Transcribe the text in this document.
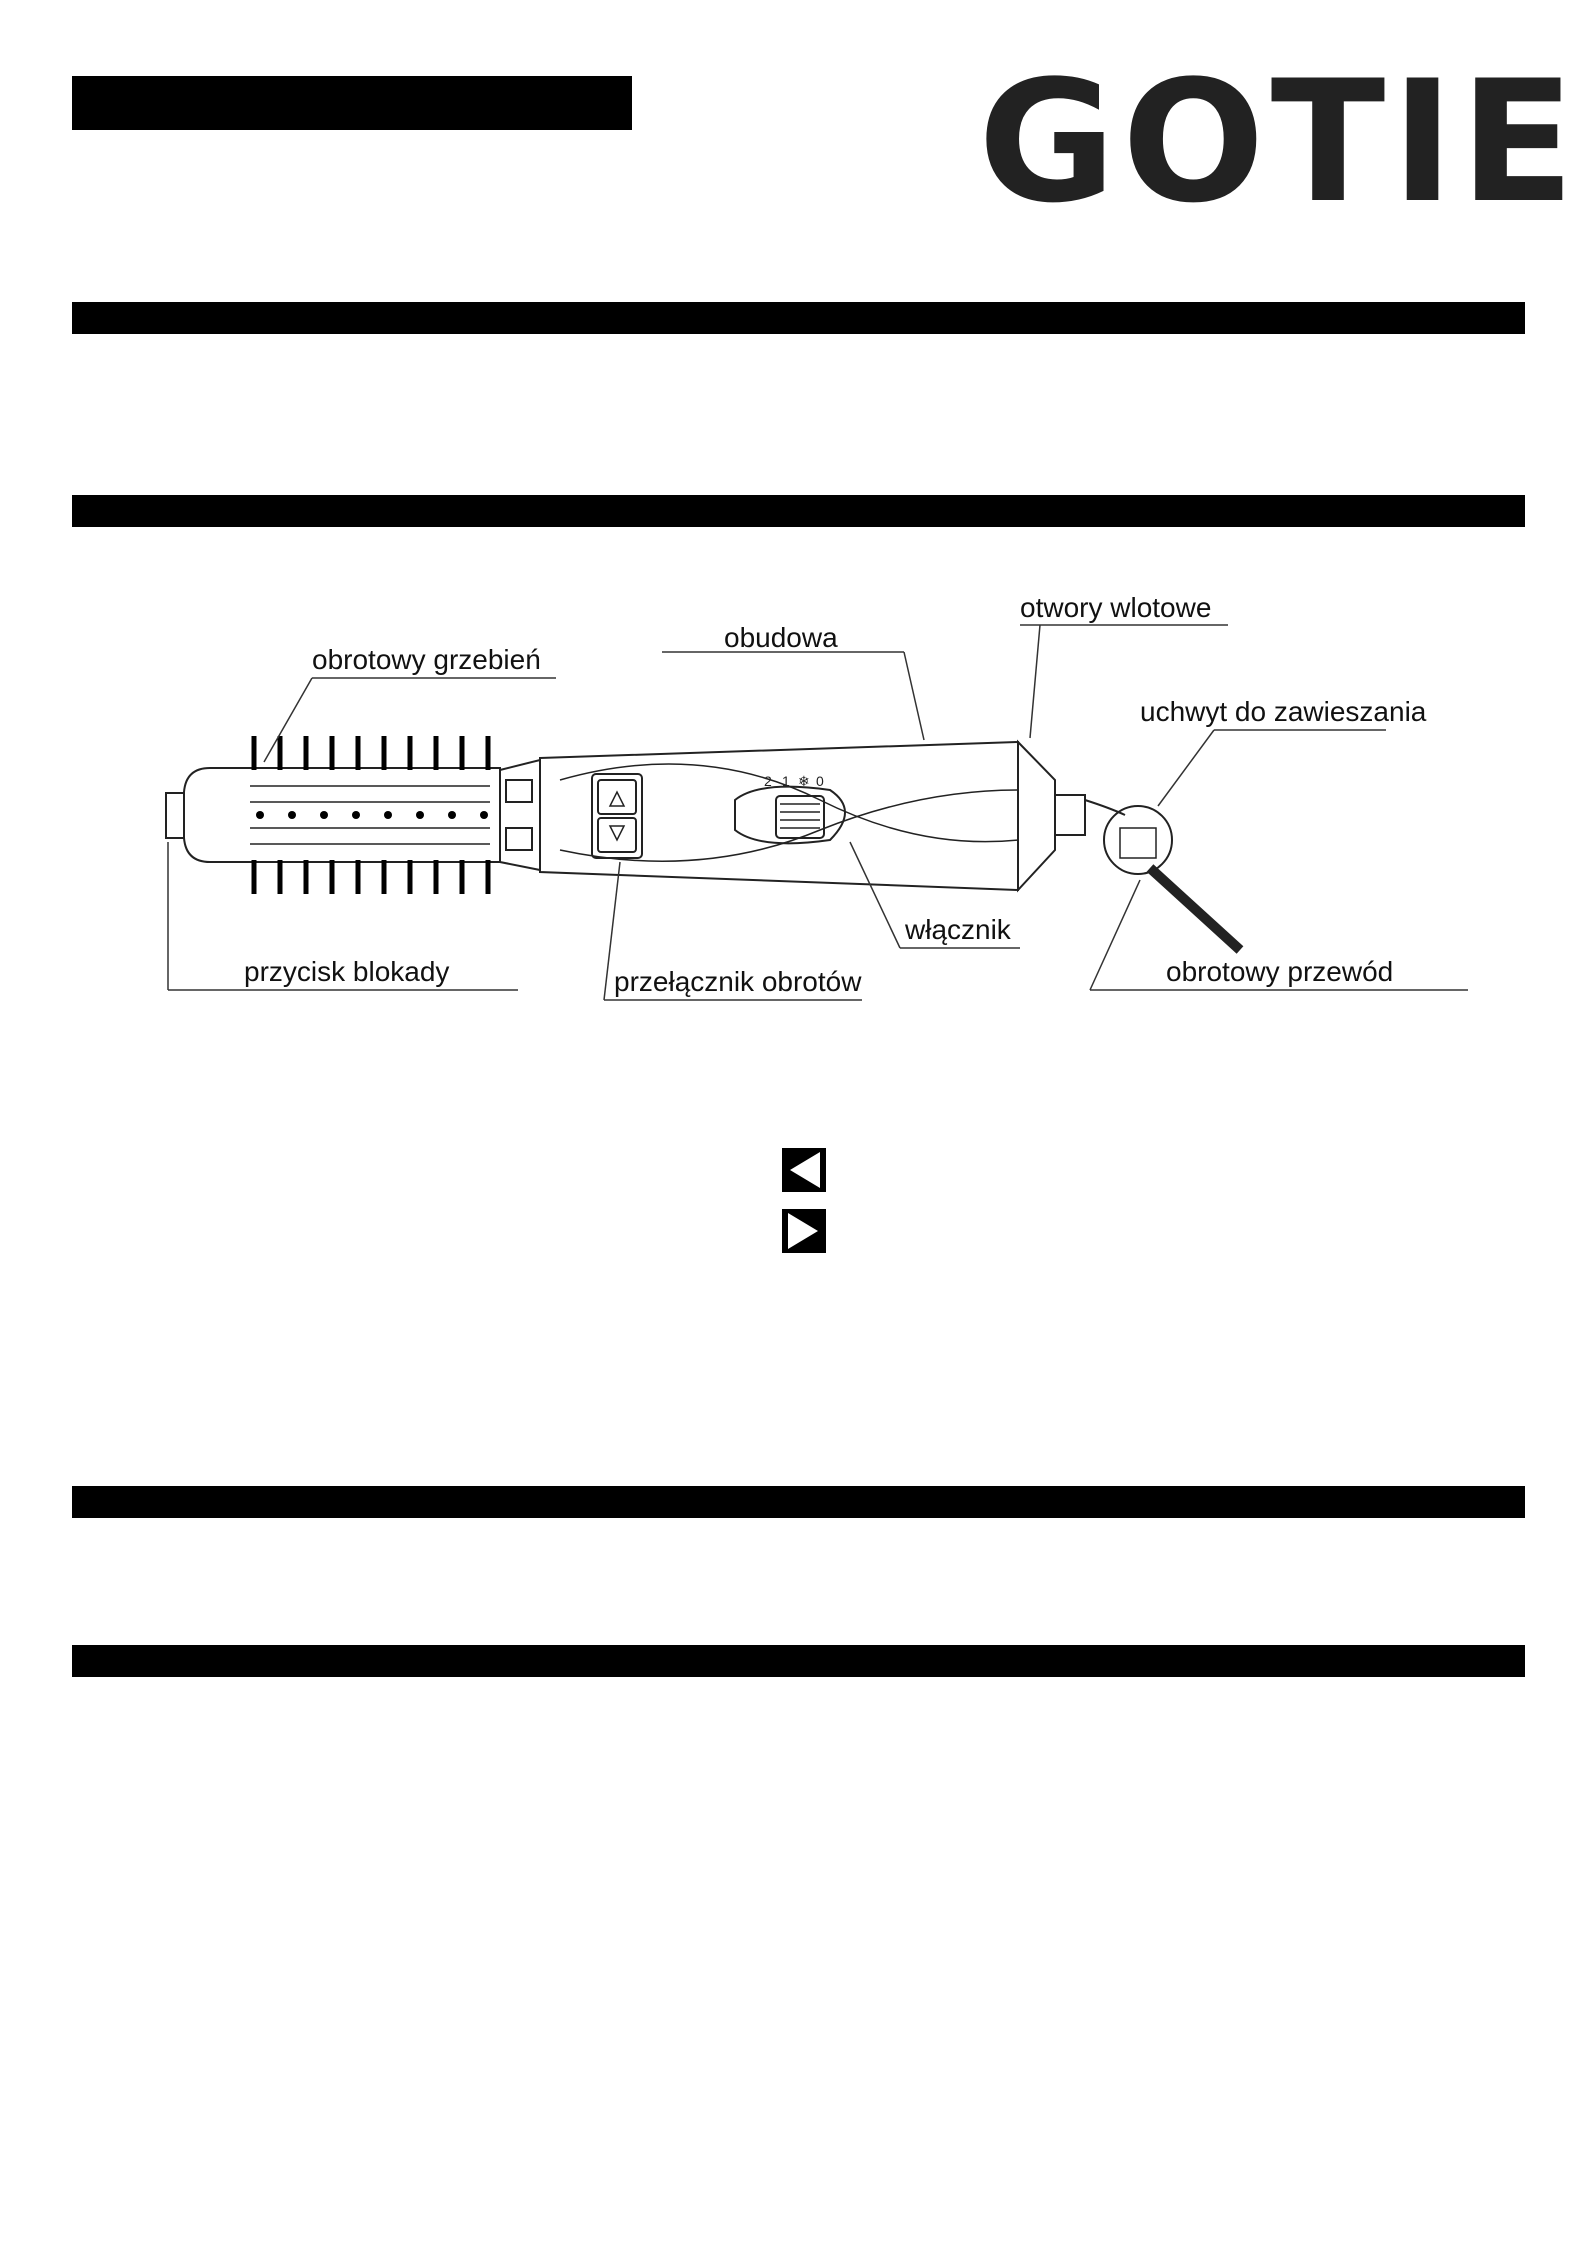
GOTIE
2 1 ❄ 0
obrotowy grzebień
obudowa
otwory wlotowe
uchwyt do zawieszania
włącznik
przycisk blokady	przełącznik obrotów	obrotowy przewód
